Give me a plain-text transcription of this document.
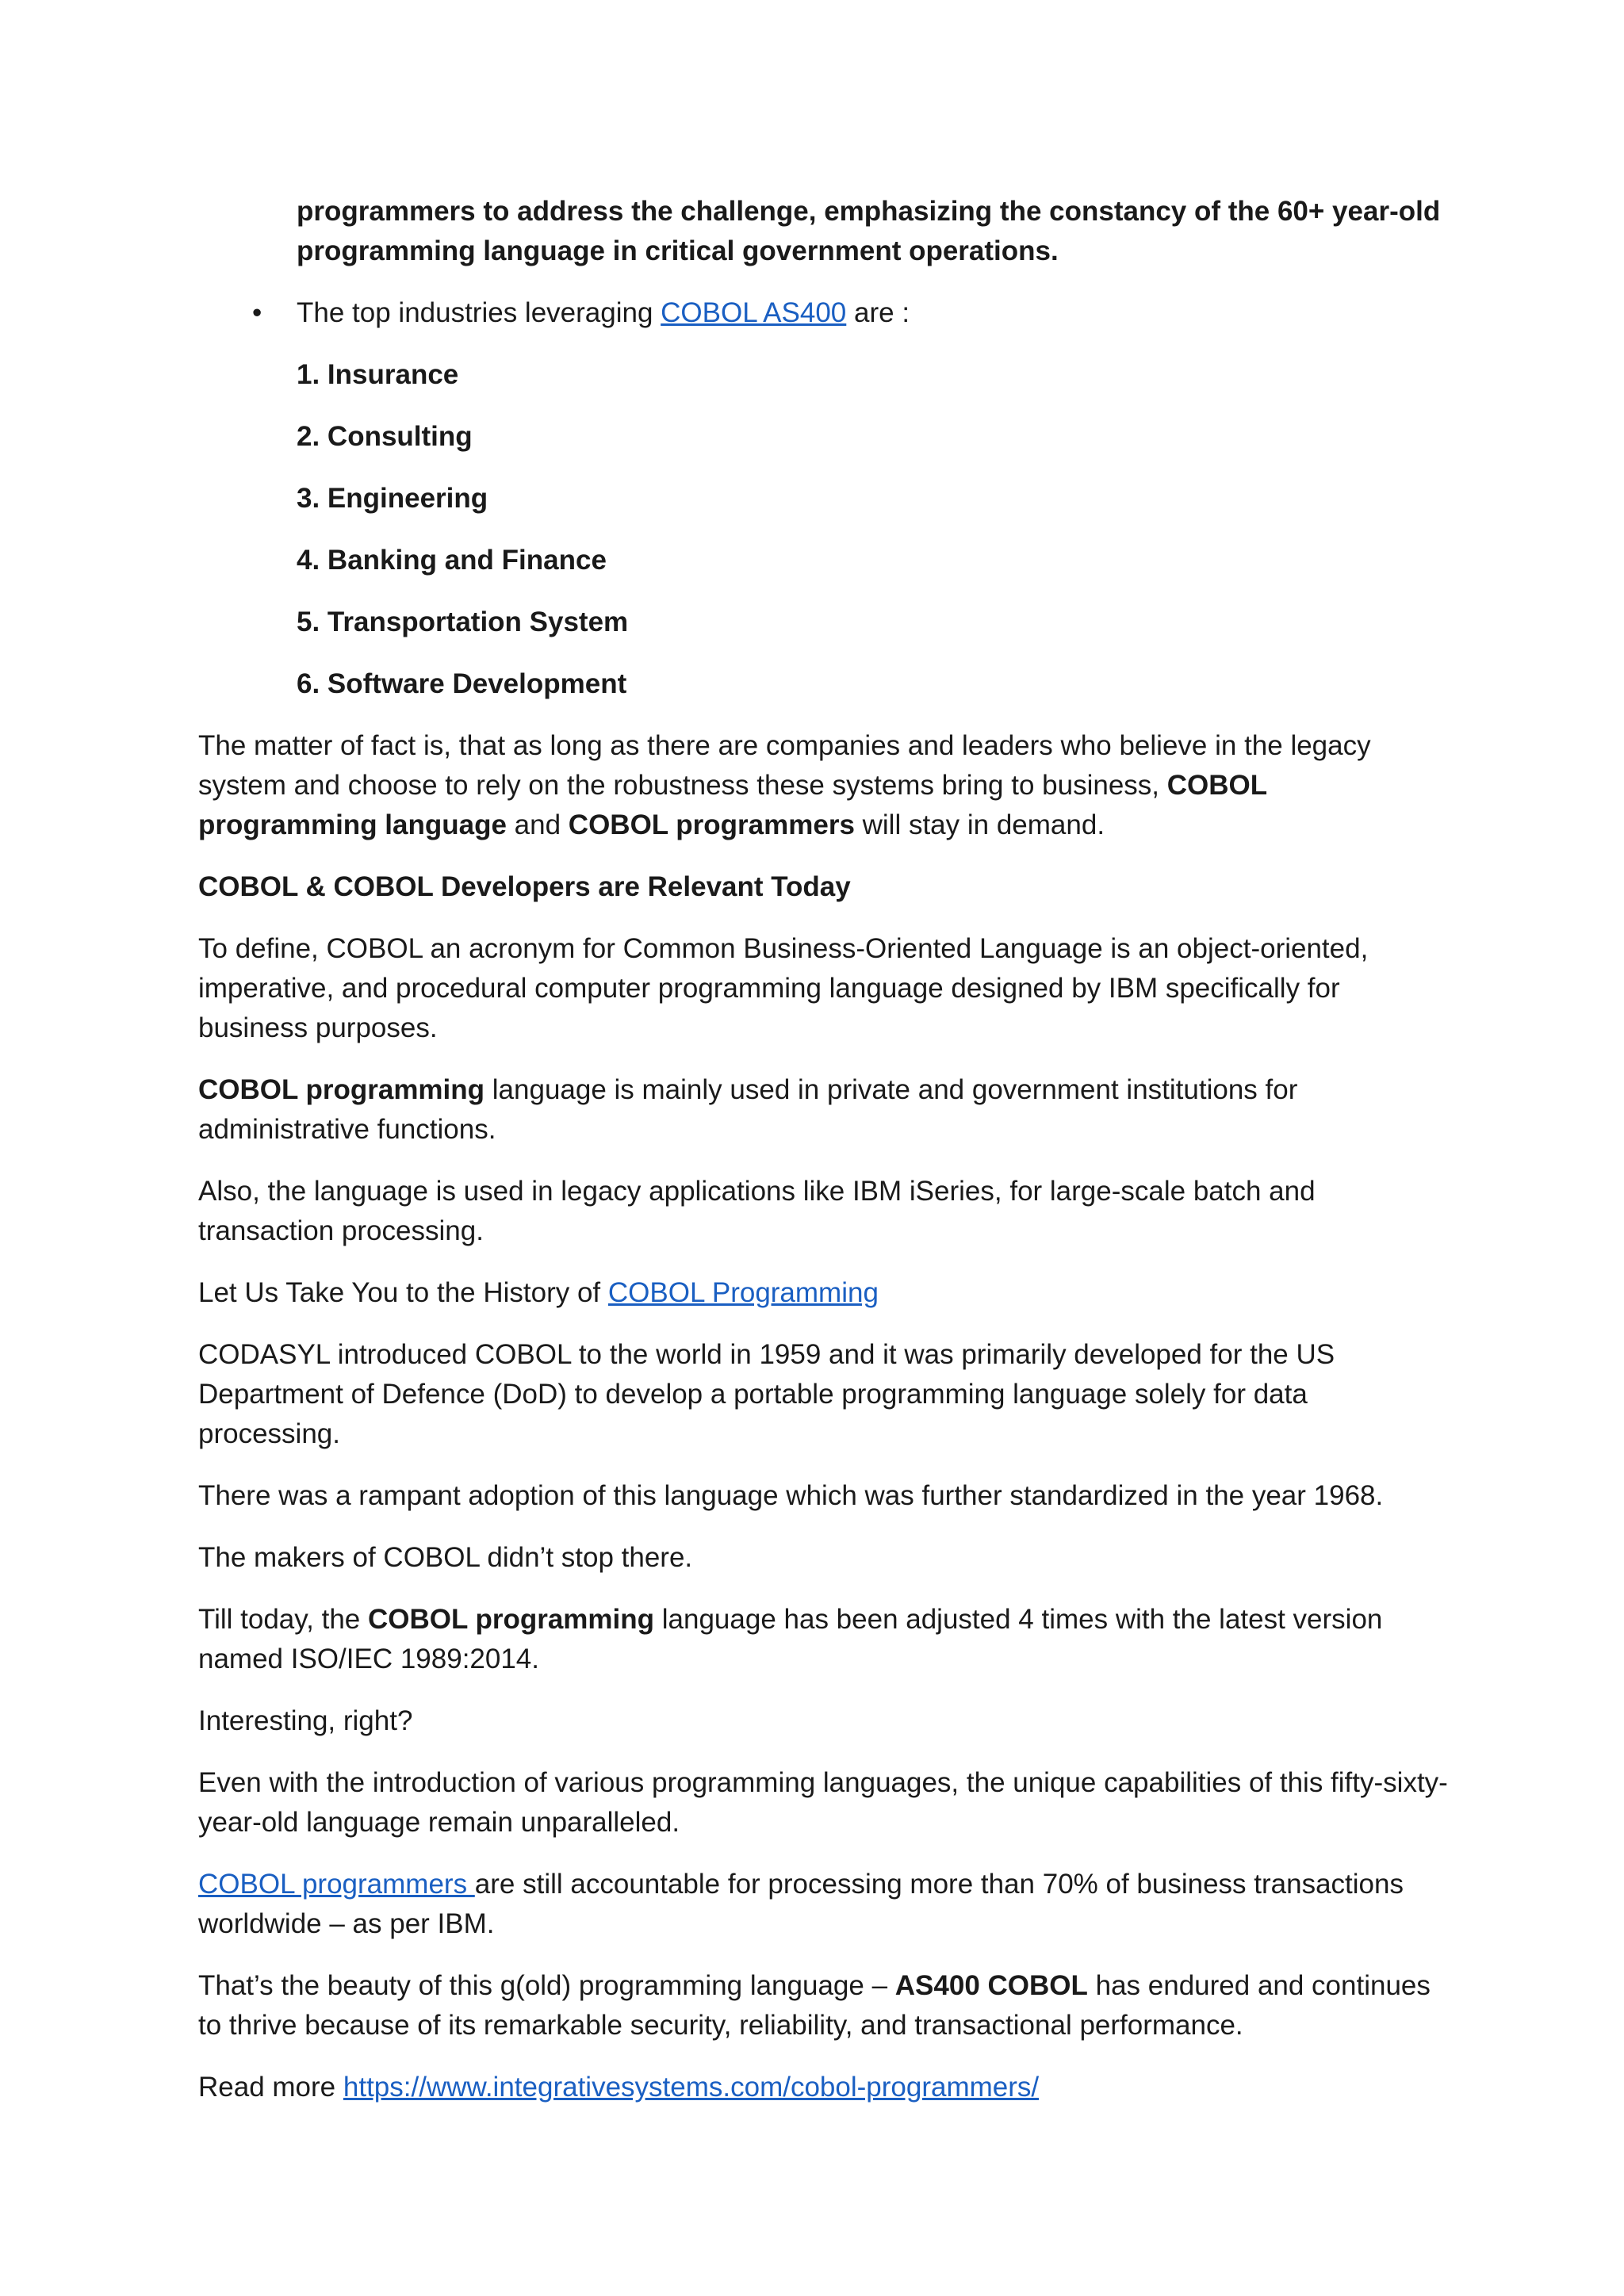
programmers to address the challenge, emphasizing the constancy of the 60+ year-old programming language in critical government operations.

• The top industries leveraging COBOL AS400 are :

1. Insurance

2. Consulting

3. Engineering

4. Banking and Finance

5. Transportation System

6. Software Development

The matter of fact is, that as long as there are companies and leaders who believe in the legacy system and choose to rely on the robustness these systems bring to business, COBOL programming language and COBOL programmers will stay in demand.

COBOL & COBOL Developers are Relevant Today

To define, COBOL an acronym for Common Business-Oriented Language is an object-oriented, imperative, and procedural computer programming language designed by IBM specifically for business purposes.

COBOL programming language is mainly used in private and government institutions for administrative functions.

Also, the language is used in legacy applications like IBM iSeries, for large-scale batch and transaction processing.

Let Us Take You to the History of COBOL Programming

CODASYL introduced COBOL to the world in 1959 and it was primarily developed for the US Department of Defence (DoD) to develop a portable programming language solely for data processing.

There was a rampant adoption of this language which was further standardized in the year 1968.

The makers of COBOL didn’t stop there.

Till today, the COBOL programming language has been adjusted 4 times with the latest version named ISO/IEC 1989:2014.

Interesting, right?

Even with the introduction of various programming languages, the unique capabilities of this fifty-sixty-year-old language remain unparalleled.

COBOL programmers are still accountable for processing more than 70% of business transactions worldwide – as per IBM.

That’s the beauty of this g(old) programming language – AS400 COBOL has endured and continues to thrive because of its remarkable security, reliability, and transactional performance.

Read more https://www.integrativesystems.com/cobol-programmers/
